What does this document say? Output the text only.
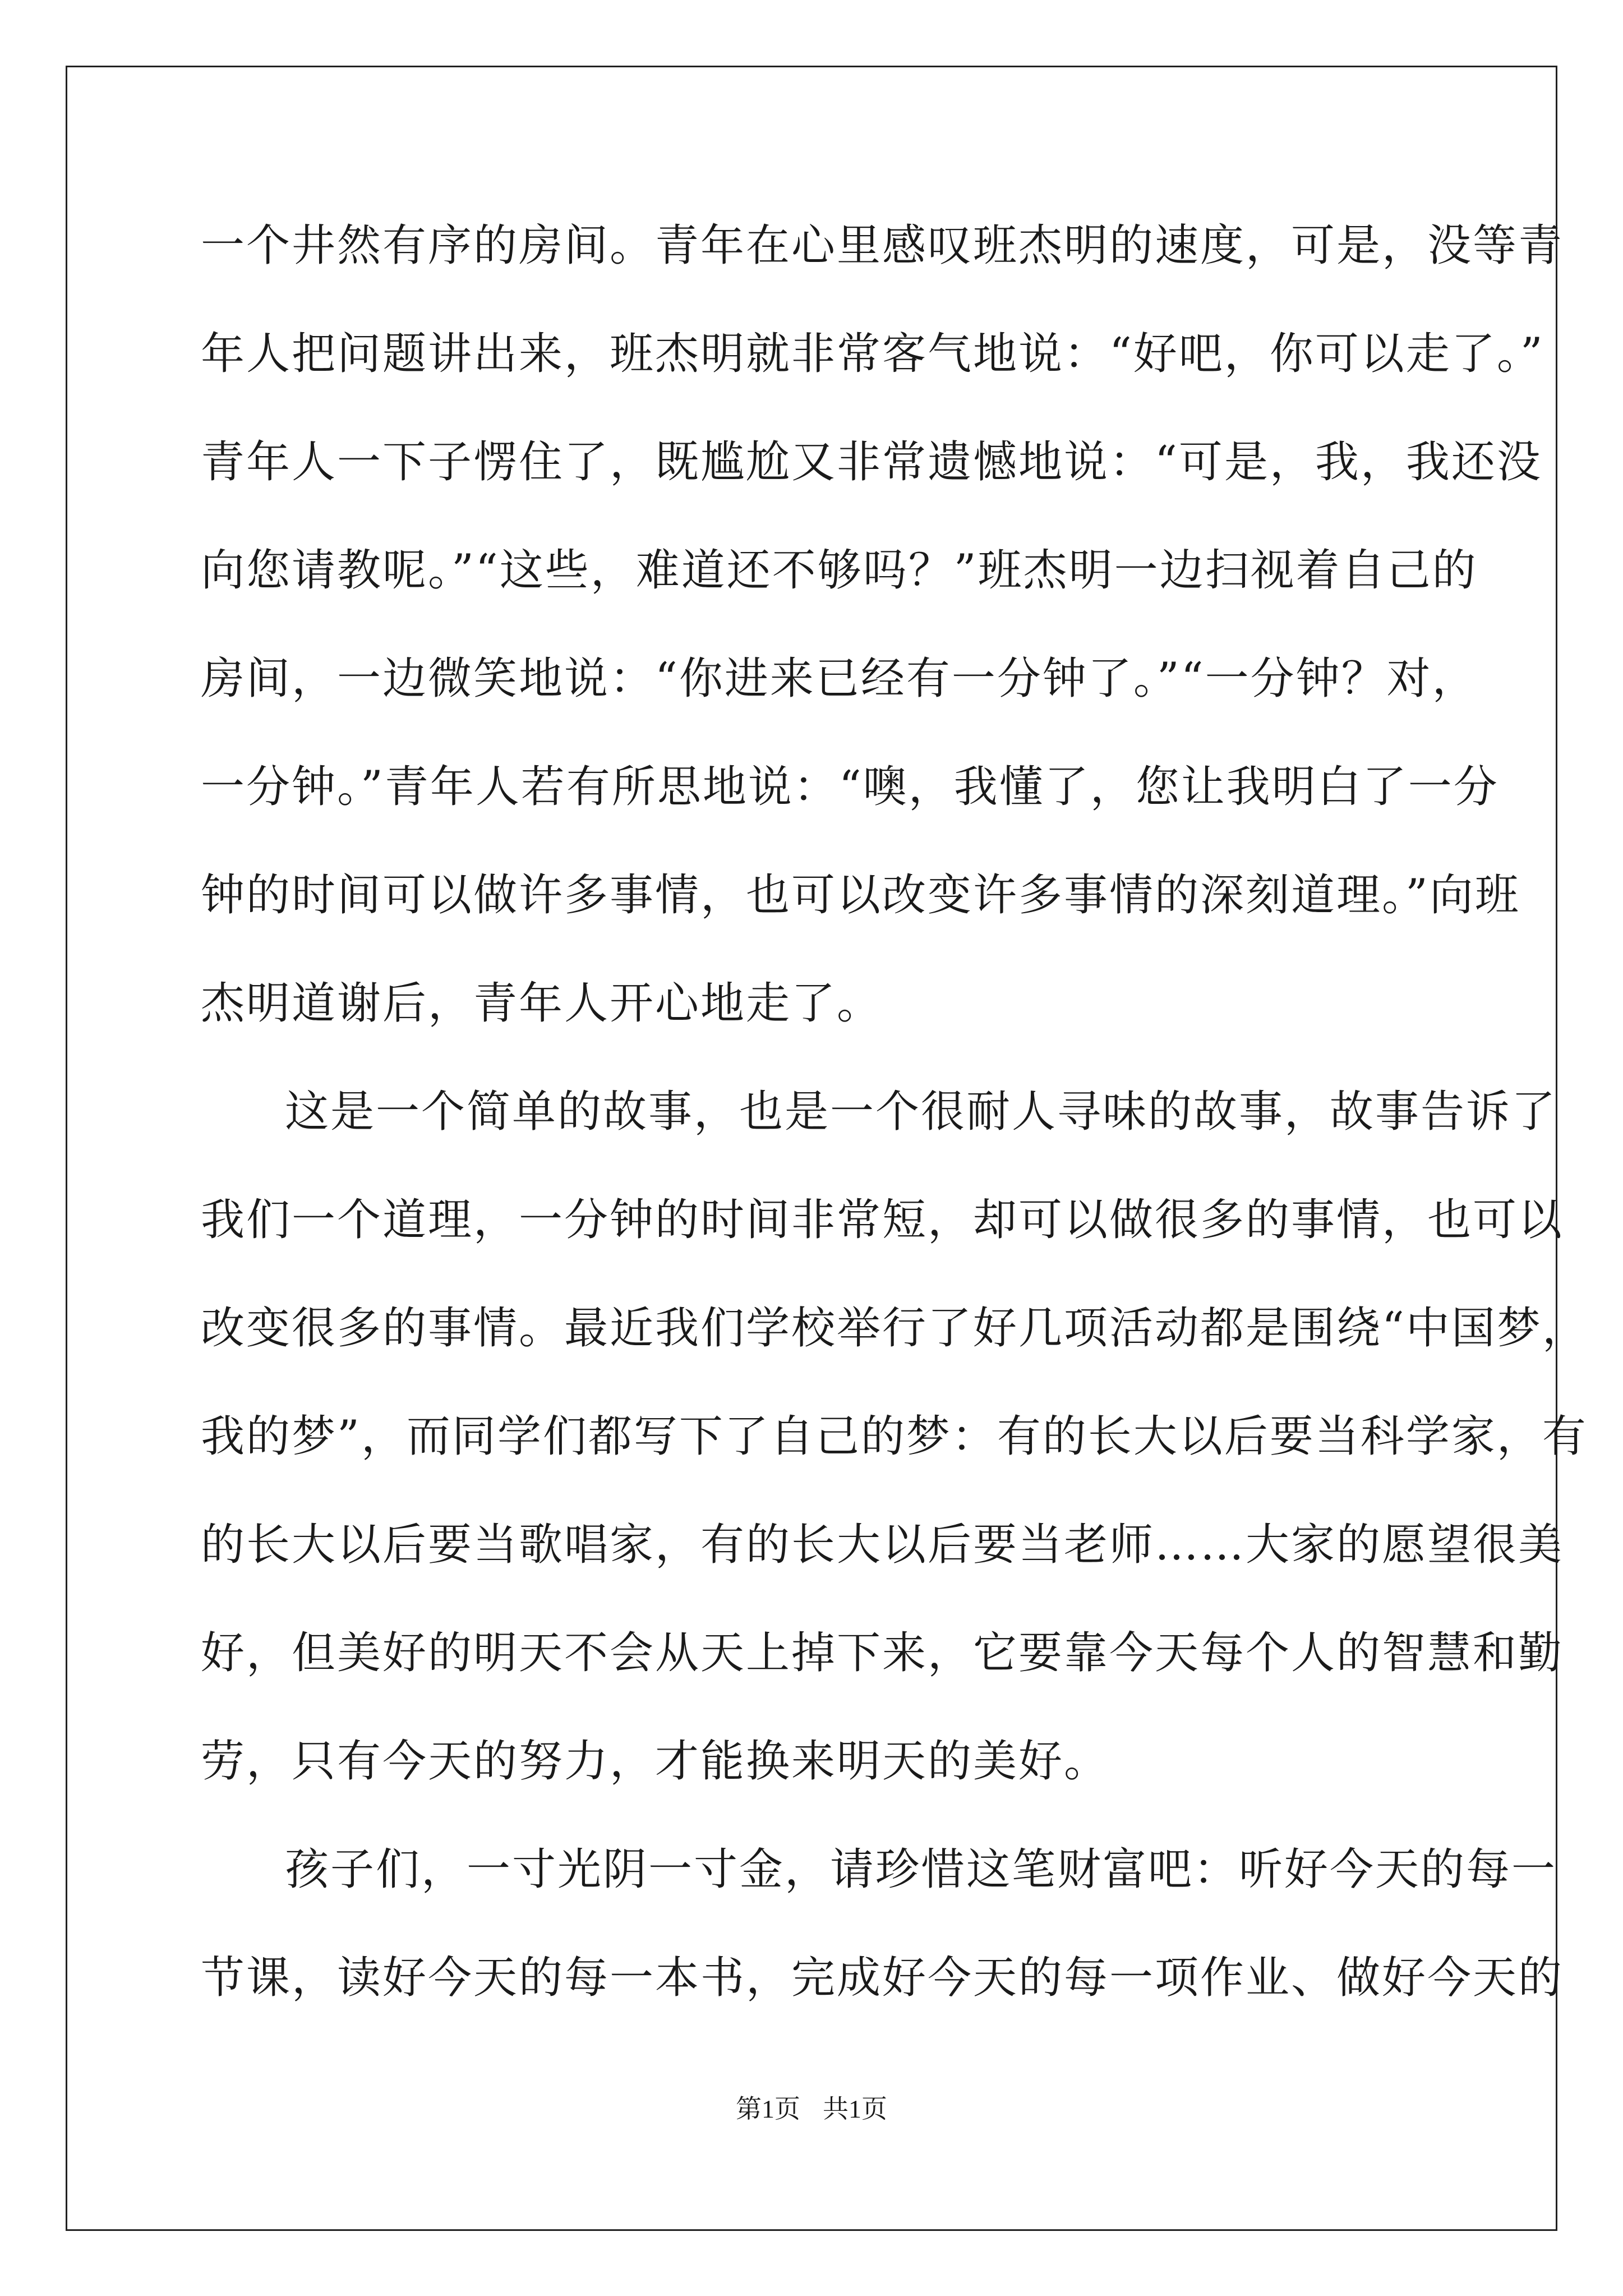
一个井然有序的房间。青年在心里感叹班杰明的速度，可是，没等青
年人把问题讲出来，班杰明就非常客气地说：“好吧，你可以走了。”
青年人一下子愣住了，既尴尬又非常遗憾地说：“可是，我，我还没
向您请教呢。”“这些，难道还不够吗？”班杰明一边扫视着自己的
房间，一边微笑地说：“你进来已经有一分钟了。”“一分钟？对，
一分钟。”青年人若有所思地说：“噢，我懂了，您让我明白了一分
钟的时间可以做许多事情，也可以改变许多事情的深刻道理。”向班
杰明道谢后，青年人开心地走了。
这是一个简单的故事，也是一个很耐人寻味的故事，故事告诉了
我们一个道理，一分钟的时间非常短，却可以做很多的事情，也可以
改变很多的事情。最近我们学校举行了好几项活动都是围绕“中国梦，
我的梦”，而同学们都写下了自己的梦：有的长大以后要当科学家，有
的长大以后要当歌唱家，有的长大以后要当老师……大家的愿望很美
好，但美好的明天不会从天上掉下来，它要靠今天每个人的智慧和勤
劳，只有今天的努力，才能换来明天的美好。
孩子们，一寸光阴一寸金，请珍惜这笔财富吧：听好今天的每一
节课，读好今天的每一本书，完成好今天的每一项作业、做好今天的
第1页 共1页
